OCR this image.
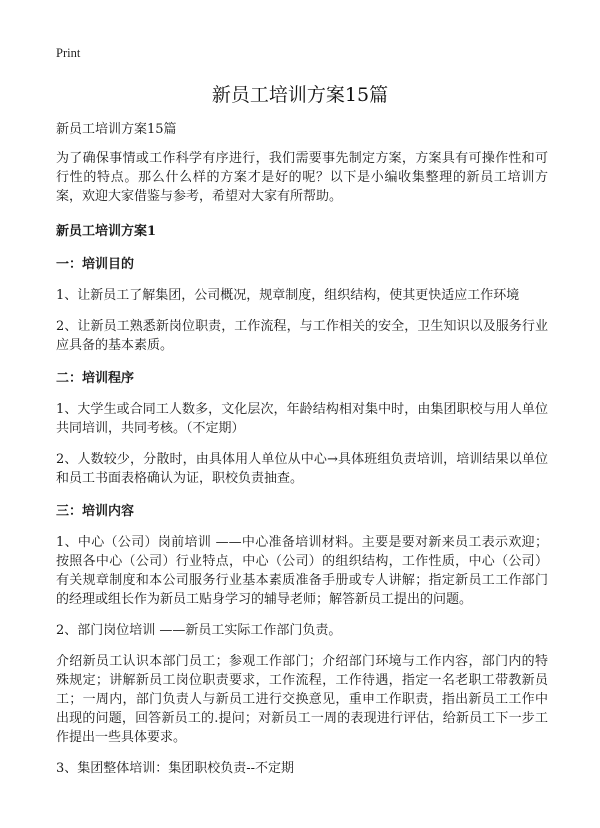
Print
新员工培训方案15篇

新员工培训方案15篇

为了确保事情或工作科学有序进行，我们需要事先制定方案，方案具有可操作性和可行性的特点。那么什么样的方案才是好的呢？以下是小编收集整理的新员工培训方案，欢迎大家借鉴与参考，希望对大家有所帮助。

新员工培训方案1
一：培训目的

1、让新员工了解集团，公司概况，规章制度，组织结构，使其更快适应工作环境

2、让新员工熟悉新岗位职责，工作流程，与工作相关的安全，卫生知识以及服务行业应具备的基本素质。

二：培训程序

1、大学生或合同工人数多，文化层次，年龄结构相对集中时，由集团职校与用人单位共同培训，共同考核。（不定期）

2、人数较少，分散时，由具体用人单位从中心→具体班组负责培训，培训结果以单位和员工书面表格确认为证，职校负责抽查。

三：培训内容

1、中心（公司）岗前培训 ——中心准备培训材料。主要是要对新来员工表示欢迎；按照各中心（公司）行业特点，中心（公司）的组织结构，工作性质，中心（公司）有关规章制度和本公司服务行业基本素质准备手册或专人讲解；指定新员工工作部门的经理或组长作为新员工贴身学习的辅导老师；解答新员工提出的问题。

2、部门岗位培训 ——新员工实际工作部门负责。

介绍新员工认识本部门员工；参观工作部门；介绍部门环境与工作内容，部门内的特殊规定；讲解新员工岗位职责要求，工作流程，工作待遇，指定一名老职工带教新员工；一周内，部门负责人与新员工进行交换意见，重申工作职责，指出新员工工作中出现的问题，回答新员工的.提问；对新员工一周的表现进行评估，给新员工下一步工作提出一些具体要求。

3、集团整体培训：集团职校负责--不定期
